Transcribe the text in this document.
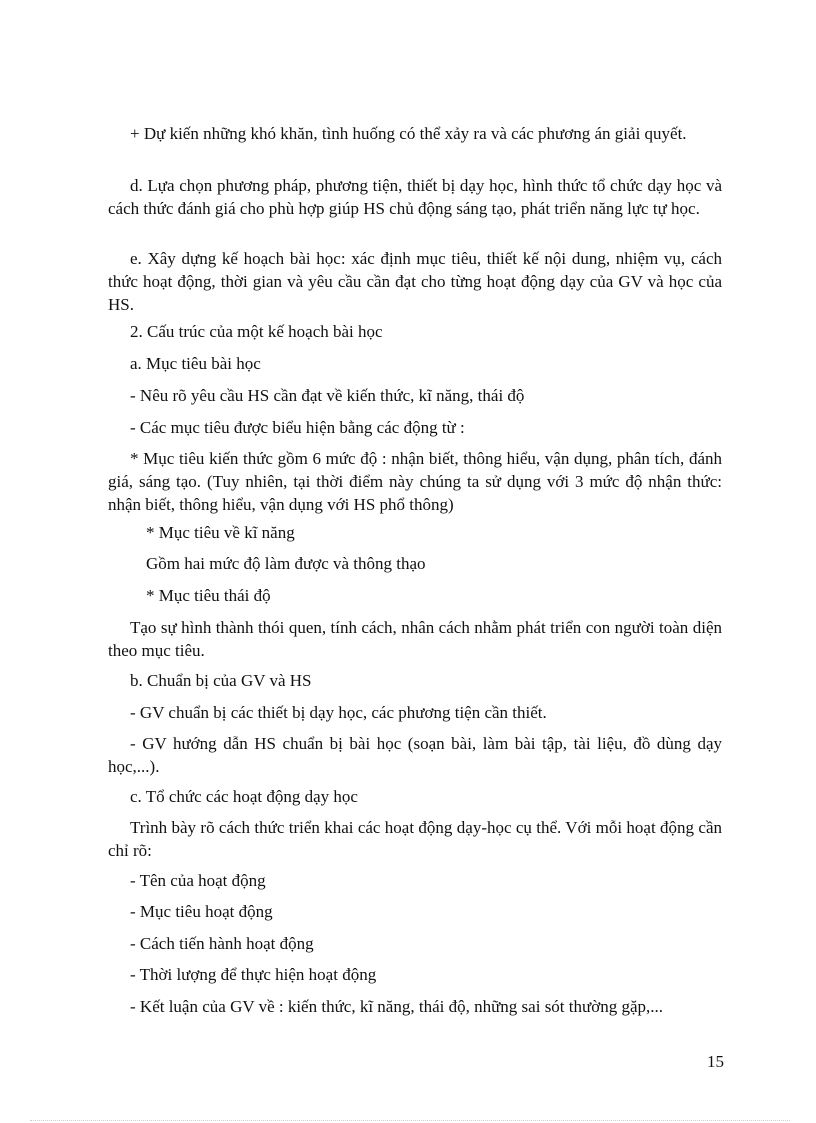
+ Dự kiến những khó khăn, tình huống có thể xảy ra và các phương án giải quyết.

d. Lựa chọn phương pháp, phương tiện, thiết bị dạy học, hình thức tổ chức dạy học và cách thức đánh giá cho phù hợp giúp HS chủ động sáng tạo, phát triển năng lực tự học.

e. Xây dựng kế hoạch bài học: xác định mục tiêu, thiết kế nội dung, nhiệm vụ, cách thức hoạt động, thời gian và yêu cầu cần đạt cho từng hoạt động dạy của GV và học của HS.

2. Cấu trúc của một kế hoạch bài học

a. Mục tiêu bài học

- Nêu rõ yêu cầu HS cần đạt về kiến thức, kĩ năng, thái độ

- Các mục tiêu được biểu hiện bằng các động từ :

* Mục tiêu kiến thức gồm 6 mức độ : nhận biết, thông hiểu, vận dụng, phân tích, đánh giá, sáng tạo. (Tuy nhiên, tại thời điểm này chúng ta sử dụng với 3 mức độ nhận thức: nhận biết, thông hiểu, vận dụng với HS phổ thông)

* Mục tiêu về kĩ năng

Gồm hai mức độ làm được và thông thạo

* Mục tiêu thái độ

Tạo sự hình thành thói quen, tính cách, nhân cách nhằm phát triển con người toàn diện theo mục tiêu.

b. Chuẩn bị của GV và HS

- GV chuẩn bị các thiết bị dạy học, các phương tiện cần thiết.

- GV hướng dẫn HS chuẩn bị bài học (soạn bài, làm bài tập, tài liệu, đồ dùng dạy học,...).

c. Tổ chức các hoạt động dạy học

Trình bày rõ cách thức triển khai các hoạt động dạy-học cụ thể. Với mỗi hoạt động cần chỉ rõ:

- Tên của hoạt động

- Mục tiêu hoạt động

- Cách tiến hành hoạt động

- Thời lượng để thực hiện hoạt động

- Kết luận của GV về : kiến thức, kĩ năng, thái độ, những sai sót thường gặp,...

15
